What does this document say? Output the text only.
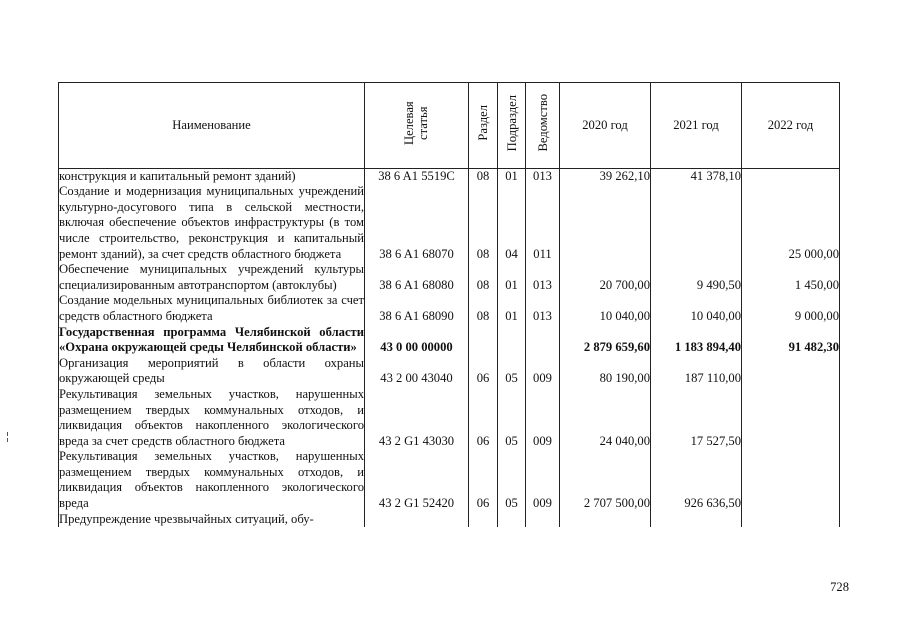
Наименование	Целевая статья	Раздел	Подраздел	Ведомство	2020 год	2021 год	2022 год
конструкция и капитальный ремонт зданий)	38 6 A1 5519C	08	01	013	39 262,10	41 378,10	
Создание и модернизация муниципальных учреждений культурно-досугового типа в сельской местности, включая обеспечение объектов инфраструктуры (в том числе строительство, реконструкция и капитальный ремонт зданий), за счет средств областного бюджета	38 6 A1 68070	08	04	011			25 000,00
Обеспечение муниципальных учреждений культуры специализированным автотранспортом (автоклубы)	38 6 A1 68080	08	01	013	20 700,00	9 490,50	1 450,00
Создание модельных муниципальных библиотек за счет средств областного бюджета	38 6 A1 68090	08	01	013	10 040,00	10 040,00	9 000,00
Государственная программа Челябинской области «Охрана окружающей среды Челябинской области»	43 0 00 00000				2 879 659,60	1 183 894,40	91 482,30
Организация мероприятий в области охраны окружающей среды	43 2 00 43040	06	05	009	80 190,00	187 110,00	
Рекультивация земельных участков, нарушенных размещением твердых коммунальных отходов, и ликвидация объектов накопленного экологического вреда за счет средств областного бюджета	43 2 G1 43030	06	05	009	24 040,00	17 527,50	
Рекультивация земельных участков, нарушенных размещением твердых коммунальных отходов, и ликвидация объектов накопленного экологического вреда	43 2 G1 52420	06	05	009	2 707 500,00	926 636,50	
Предупреждение чрезвычайных ситуаций, обу-							
728
